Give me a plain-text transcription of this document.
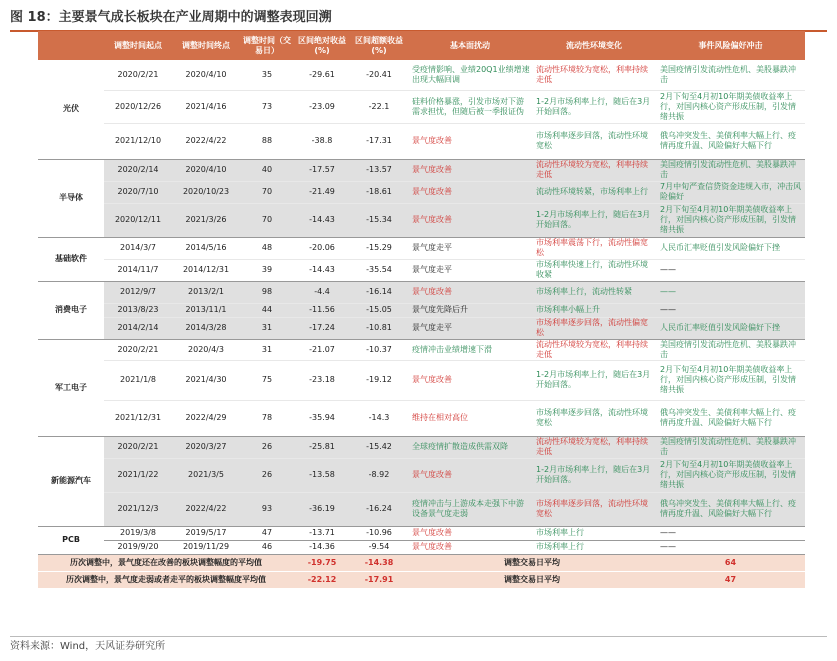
图 18：主要景气成长板块在产业周期中的调整表现回溯
	调整时间起点	调整时间终点	调整时间（交易日）	区间绝对收益(%)	区间超额收益(%)	基本面扰动	流动性环境变化	事件风险偏好冲击
光伏	2020/2/21	2020/4/10	35	-29.61	-20.41	受疫情影响、业绩20Q1业绩增速出现大幅回调	流动性环境较为宽松，利率持续走低	美国疫情引发流动性危机、美股暴跌冲击
	2020/12/26	2021/4/16	73	-23.09	-22.1	硅料价格暴涨，引发市场对下游需求担忧，但随后被一季报证伪	1-2月市场利率上行，随后在3月开始回落。	2月下旬至4月初10年期美债收益率上行，对国内核心资产形成压制，引发情绪共振
	2021/12/10	2022/4/22	88	-38.8	-17.31	景气度改善	市场利率逐步回落，流动性环境宽松	俄乌冲突发生、美债利率大幅上行、疫情再度升温、风险偏好大幅下行
半导体	2020/2/14	2020/4/10	40	-17.57	-13.57	景气度改善	流动性环境较为宽松，利率持续走低	美国疫情引发流动性危机、美股暴跌冲击
	2020/7/10	2020/10/23	70	-21.49	-18.61	景气度改善	流动性环境转紧，市场利率上行	7月中旬严查信贷资金违规入市，冲击风险偏好
	2020/12/11	2021/3/26	70	-14.43	-15.34	景气度改善	1-2月市场利率上行，随后在3月开始回落。	2月下旬至4月初10年期美债收益率上行，对国内核心资产形成压制，引发情绪共振
基础软件	2014/3/7	2014/5/16	48	-20.06	-15.29	景气度走平	市场利率震荡下行，流动性偏宽松	人民币汇率贬值引发风险偏好下挫
	2014/11/7	2014/12/31	39	-14.43	-35.54	景气度走平	市场利率快速上行，流动性环境收紧	——
消费电子	2012/9/7	2013/2/1	98	-4.4	-16.14	景气度改善	市场利率上行，流动性转紧	——
	2013/8/23	2013/11/1	44	-11.56	-15.05	景气度先降后升	市场利率小幅上升	——
	2014/2/14	2014/3/28	31	-17.24	-10.81	景气度走平	市场利率逐步回落，流动性偏宽松	人民币汇率贬值引发风险偏好下挫
军工电子	2020/2/21	2020/4/3	31	-21.07	-10.37	疫情冲击业绩增速下滑	流动性环境较为宽松，利率持续走低	美国疫情引发流动性危机、美股暴跌冲击
	2021/1/8	2021/4/30	75	-23.18	-19.12	景气度改善	1-2月市场利率上行，随后在3月开始回落。	2月下旬至4月初10年期美债收益率上行，对国内核心资产形成压制，引发情绪共振
	2021/12/31	2022/4/29	78	-35.94	-14.3	维持在相对高位	市场利率逐步回落，流动性环境宽松	俄乌冲突发生、美债利率大幅上行、疫情再度升温、风险偏好大幅下行
新能源汽车	2020/2/21	2020/3/27	26	-25.81	-15.42	全球疫情扩散造成供需双降	流动性环境较为宽松，利率持续走低	美国疫情引发流动性危机、美股暴跌冲击
	2021/1/22	2021/3/5	26	-13.58	-8.92	景气度改善	1-2月市场利率上行，随后在3月开始回落。	2月下旬至4月初10年期美债收益率上行，对国内核心资产形成压制，引发情绪共振
	2021/12/3	2022/4/22	93	-36.19	-16.24	疫情冲击与上游成本走强下中游设备景气度走弱	市场利率逐步回落，流动性环境宽松	俄乌冲突发生、美债利率大幅上行、疫情再度升温、风险偏好大幅下行
PCB	2019/3/8	2019/5/17	47	-13.71	-10.96	景气度改善	市场利率上行	——
	2019/9/20	2019/11/29	46	-14.36	-9.54	景气度改善	市场利率上行	——
历次调整中，景气度还在改善的板块调整幅度的平均值				-19.75	-14.38	调整交易日平均		64
历次调整中，景气度走弱或者走平的板块调整幅度平均值				-22.12	-17.91	调整交易日平均		47
资料来源：Wind，天风证券研究所
